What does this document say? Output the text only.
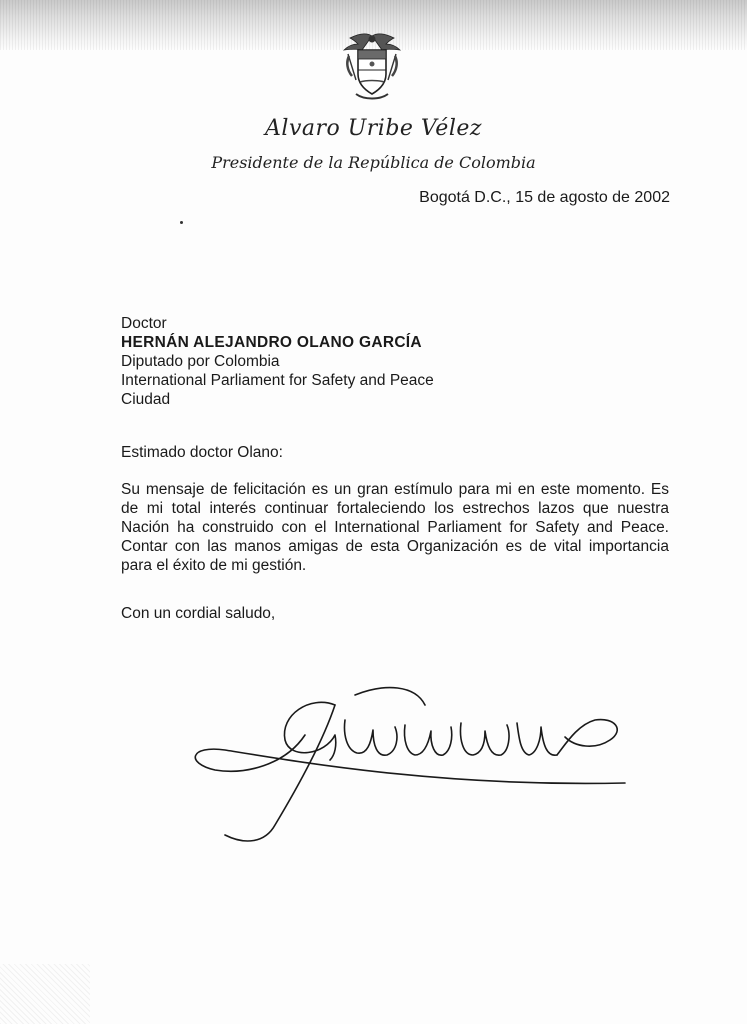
Alvaro Uribe Vélez
Presidente de la República de Colombia
Bogotá D.C., 15 de agosto de 2002
Doctor
HERNÁN ALEJANDRO OLANO GARCÍA
Diputado por Colombia
International Parliament for Safety and Peace
Ciudad
Estimado doctor Olano:
Su mensaje de felicitación es un gran estímulo para mi en este momento. Es de mi total interés continuar fortaleciendo los estrechos lazos que nuestra Nación ha construido con el International Parliament for Safety and Peace. Contar con las manos amigas de esta Organización es de vital importancia para el éxito de mi gestión.
Con un cordial saludo,
